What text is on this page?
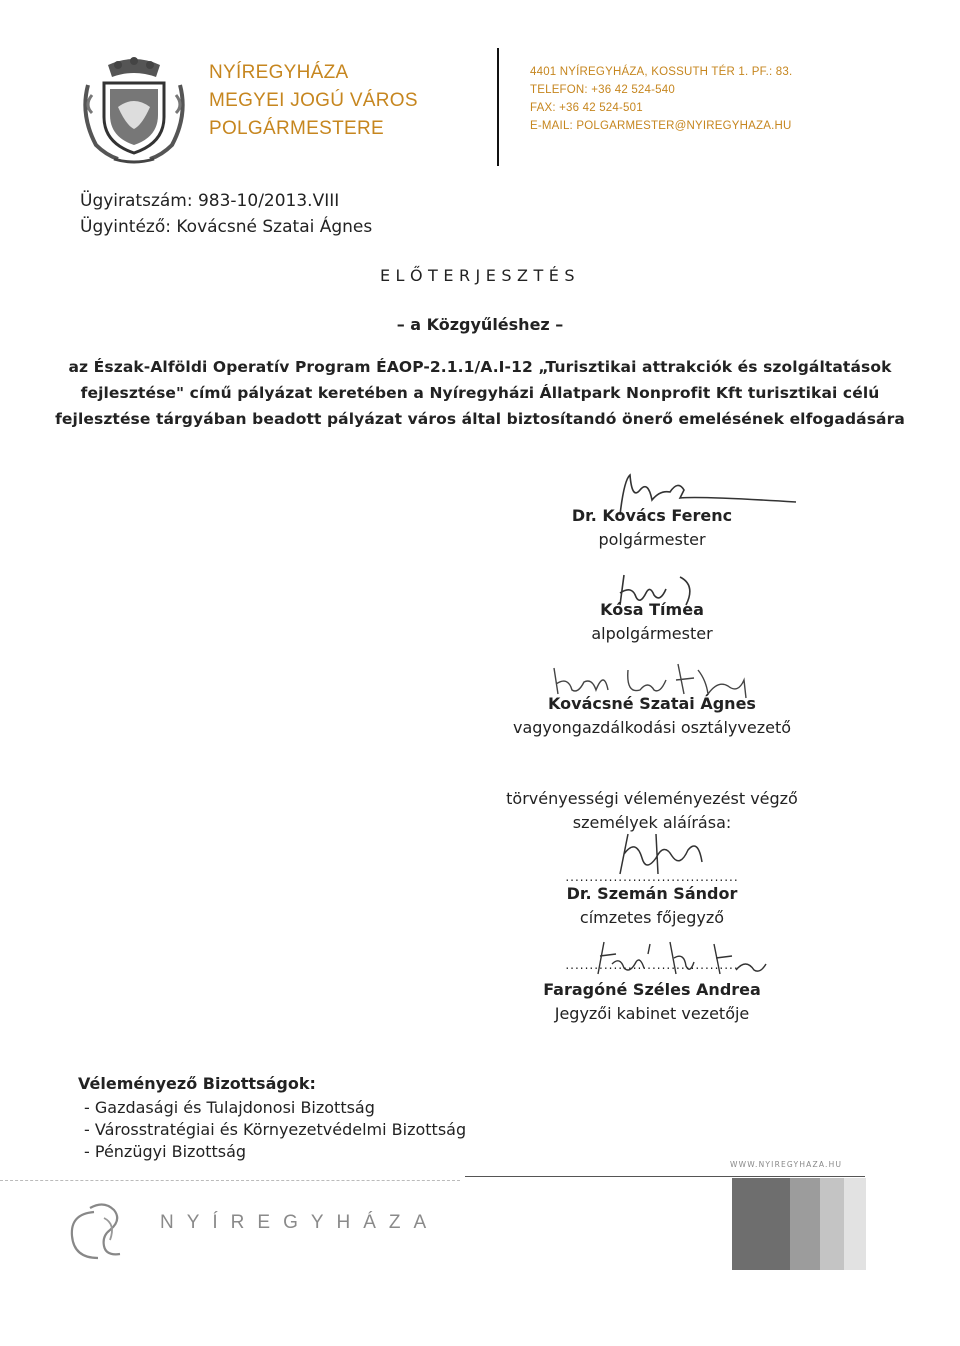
NYÍREGYHÁZA
MEGYEI JOGÚ VÁROS
POLGÁRMESTERE
4401 NYÍREGYHÁZA, KOSSUTH TÉR 1. PF.: 83.
TELEFON: +36 42 524-540
FAX: +36 42 524-501
E-MAIL: POLGARMESTER@NYIREGYHAZA.HU
Ügyiratszám: 983-10/2013.VIII
Ügyintéző: Kovácsné Szatai Ágnes
ELŐTERJESZTÉS
– a Közgyűléshez –
az Észak-Alföldi Operatív Program ÉAOP-2.1.1/A.I-12 „Turisztikai attrakciók és szolgáltatások
fejlesztése" című pályázat keretében a Nyíregyházi Állatpark Nonprofit Kft turisztikai célú
fejlesztése tárgyában beadott pályázat város által biztosítandó önerő emelésének elfogadására
Dr. Kovács Ferenc
polgármester
Kósa Tímea
alpolgármester
Kovácsné Szatai Ágnes
vagyongazdálkodási osztályvezető
törvényességi véleményezést végző
személyek aláírása:
....................................
Dr. Szemán Sándor
címzetes főjegyző
....................................
Faragóné Széles Andrea
Jegyzői kabinet vezetője
Véleményező Bizottságok:
- Gazdasági és Tulajdonosi Bizottság
- Városstratégiai és Környezetvédelmi Bizottság
- Pénzügyi Bizottság
WWW.NYIREGYHAZA.HU
NYÍREGYHÁZA
